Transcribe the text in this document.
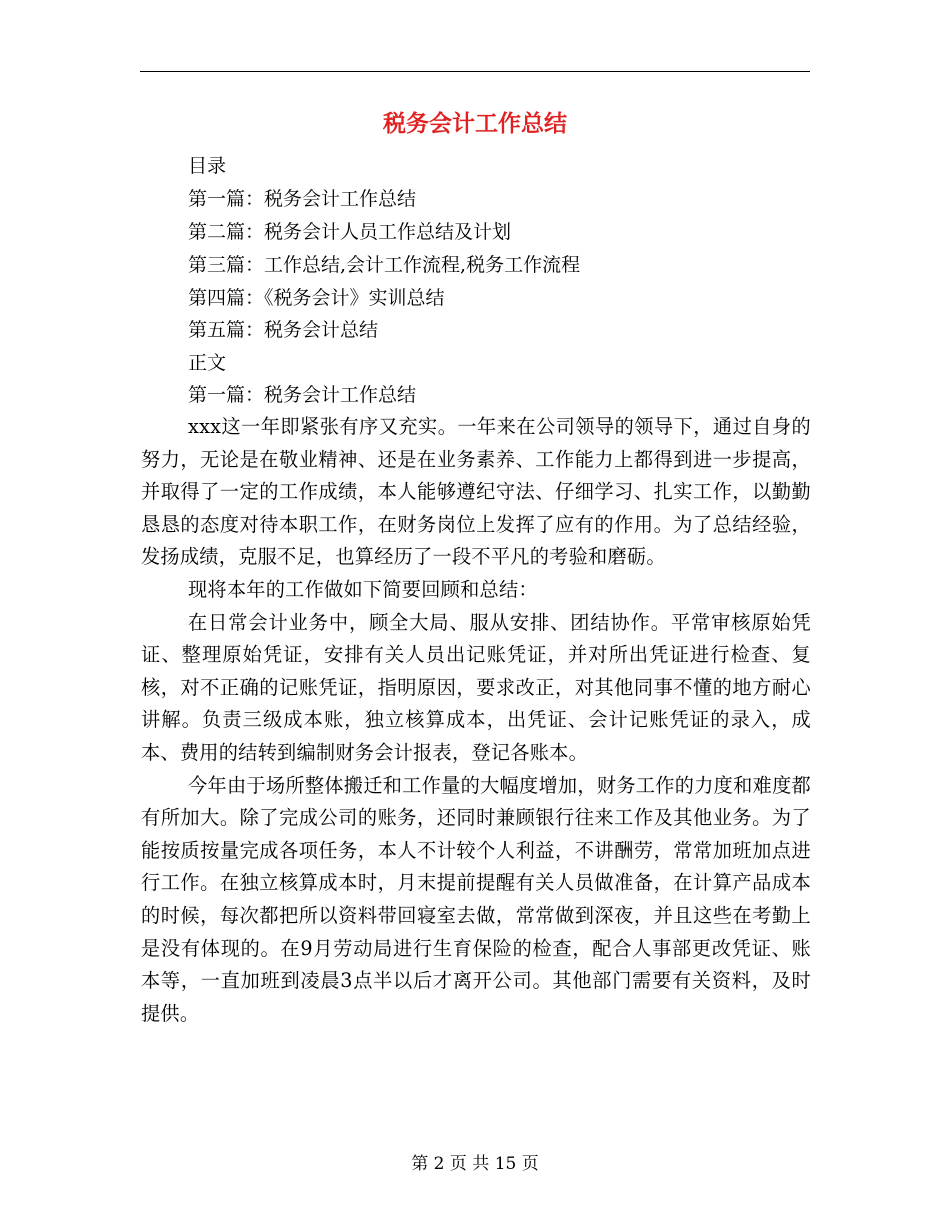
税务会计工作总结
目录
第一篇：税务会计工作总结
第二篇：税务会计人员工作总结及计划
第三篇：工作总结,会计工作流程,税务工作流程
第四篇：《税务会计》实训总结
第五篇：税务会计总结
正文
第一篇：税务会计工作总结

xxx这一年即紧张有序又充实。一年来在公司领导的领导下，通过自身的努力，无论是在敬业精神、还是在业务素养、工作能力上都得到进一步提高，并取得了一定的工作成绩，本人能够遵纪守法、仔细学习、扎实工作，以勤勤恳恳的态度对待本职工作，在财务岗位上发挥了应有的作用。为了总结经验，发扬成绩，克服不足，也算经历了一段不平凡的考验和磨砺。

现将本年的工作做如下简要回顾和总结：

在日常会计业务中，顾全大局、服从安排、团结协作。平常审核原始凭证、整理原始凭证，安排有关人员出记账凭证，并对所出凭证进行检查、复核，对不正确的记账凭证，指明原因，要求改正，对其他同事不懂的地方耐心讲解。负责三级成本账，独立核算成本，出凭证、会计记账凭证的录入，成本、费用的结转到编制财务会计报表，登记各账本。

今年由于场所整体搬迁和工作量的大幅度增加，财务工作的力度和难度都有所加大。除了完成公司的账务，还同时兼顾银行往来工作及其他业务。为了能按质按量完成各项任务，本人不计较个人利益，不讲酬劳，常常加班加点进行工作。在独立核算成本时，月末提前提醒有关人员做准备，在计算产品成本的时候，每次都把所以资料带回寝室去做，常常做到深夜，并且这些在考勤上是没有体现的。在9月劳动局进行生育保险的检查，配合人事部更改凭证、账本等，一直加班到凌晨3点半以后才离开公司。其他部门需要有关资料，及时提供。

第 2 页 共 15 页
